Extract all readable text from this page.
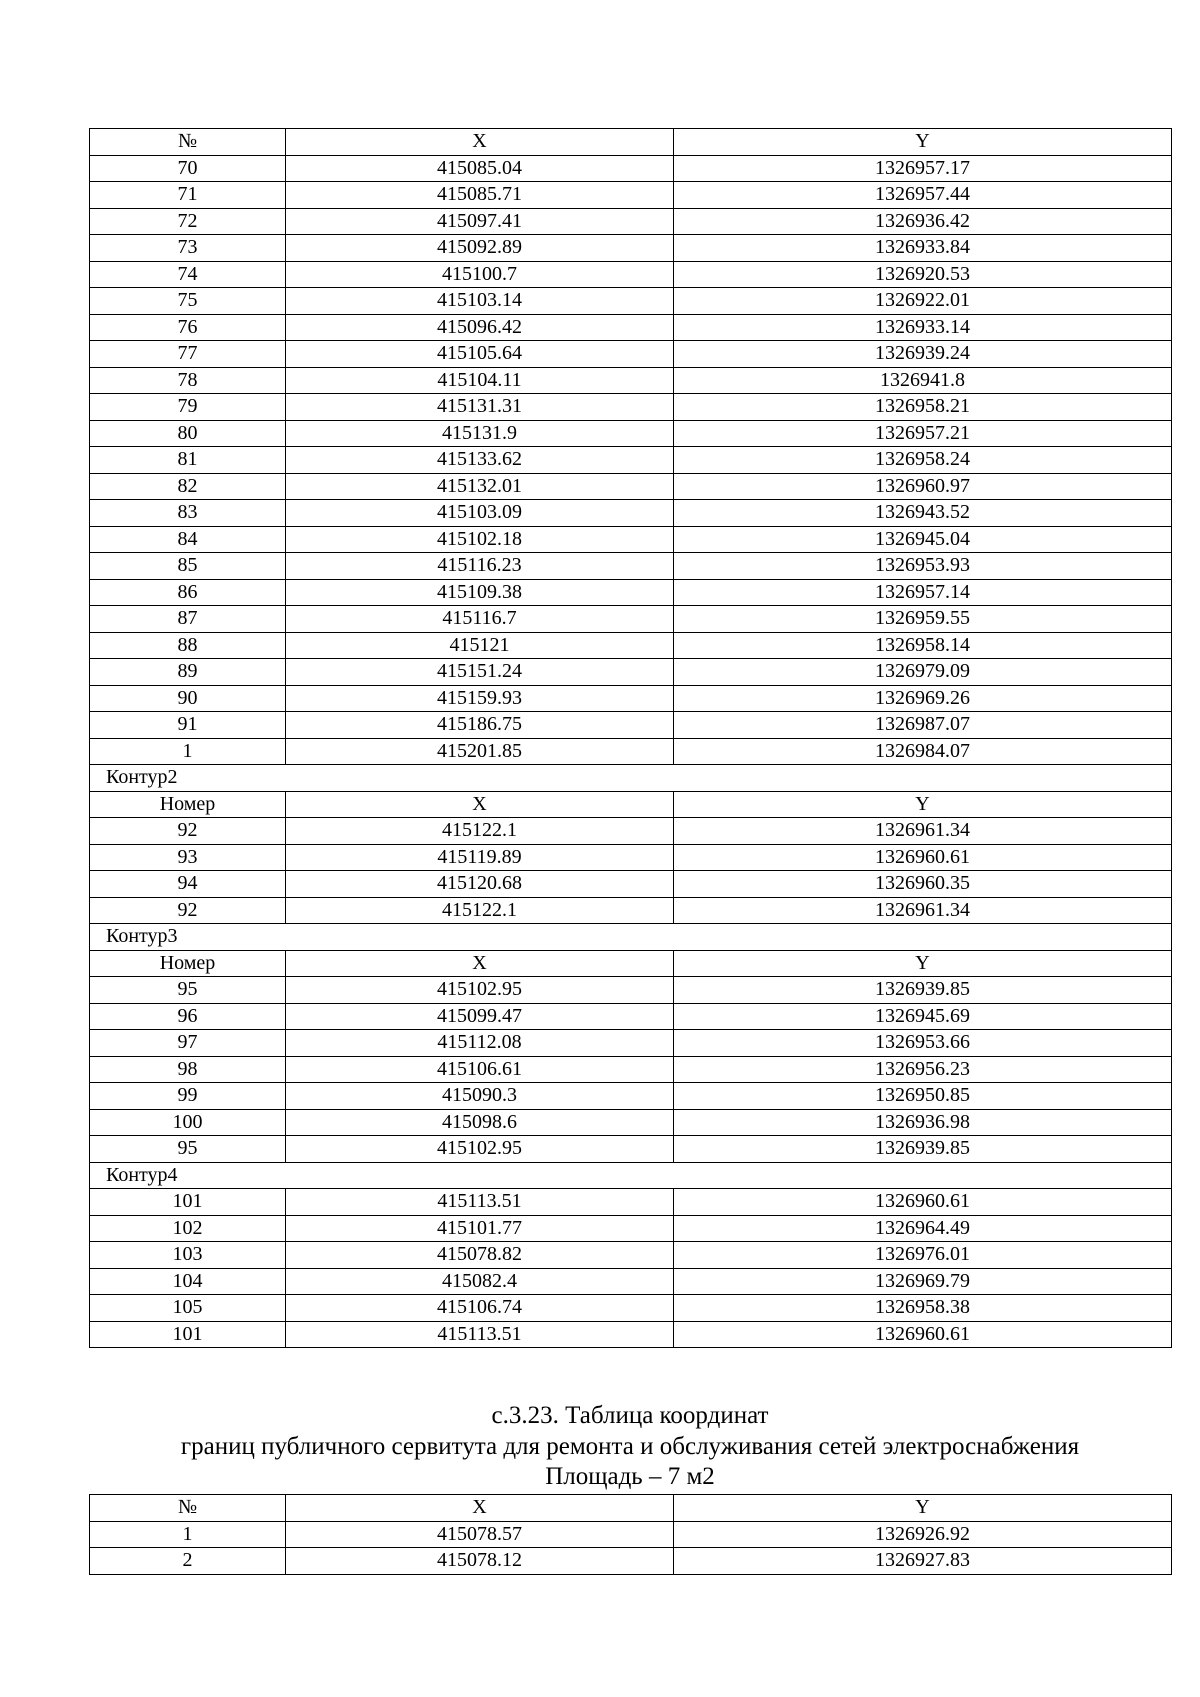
№	X	Y
70	415085.04	1326957.17
71	415085.71	1326957.44
72	415097.41	1326936.42
73	415092.89	1326933.84
74	415100.7	1326920.53
75	415103.14	1326922.01
76	415096.42	1326933.14
77	415105.64	1326939.24
78	415104.11	1326941.8
79	415131.31	1326958.21
80	415131.9	1326957.21
81	415133.62	1326958.24
82	415132.01	1326960.97
83	415103.09	1326943.52
84	415102.18	1326945.04
85	415116.23	1326953.93
86	415109.38	1326957.14
87	415116.7	1326959.55
88	415121	1326958.14
89	415151.24	1326979.09
90	415159.93	1326969.26
91	415186.75	1326987.07
1	415201.85	1326984.07
Контур2		
Номер	X	Y
92	415122.1	1326961.34
93	415119.89	1326960.61
94	415120.68	1326960.35
92	415122.1	1326961.34
Контур3		
Номер	X	Y
95	415102.95	1326939.85
96	415099.47	1326945.69
97	415112.08	1326953.66
98	415106.61	1326956.23
99	415090.3	1326950.85
100	415098.6	1326936.98
95	415102.95	1326939.85
Контур4		
101	415113.51	1326960.61
102	415101.77	1326964.49
103	415078.82	1326976.01
104	415082.4	1326969.79
105	415106.74	1326958.38
101	415113.51	1326960.61
с.3.23. Таблица координат
границ публичного сервитута для ремонта и обслуживания сетей электроснабжения
Площадь – 7 м2
№	X	Y
1	415078.57	1326926.92
2	415078.12	1326927.83
